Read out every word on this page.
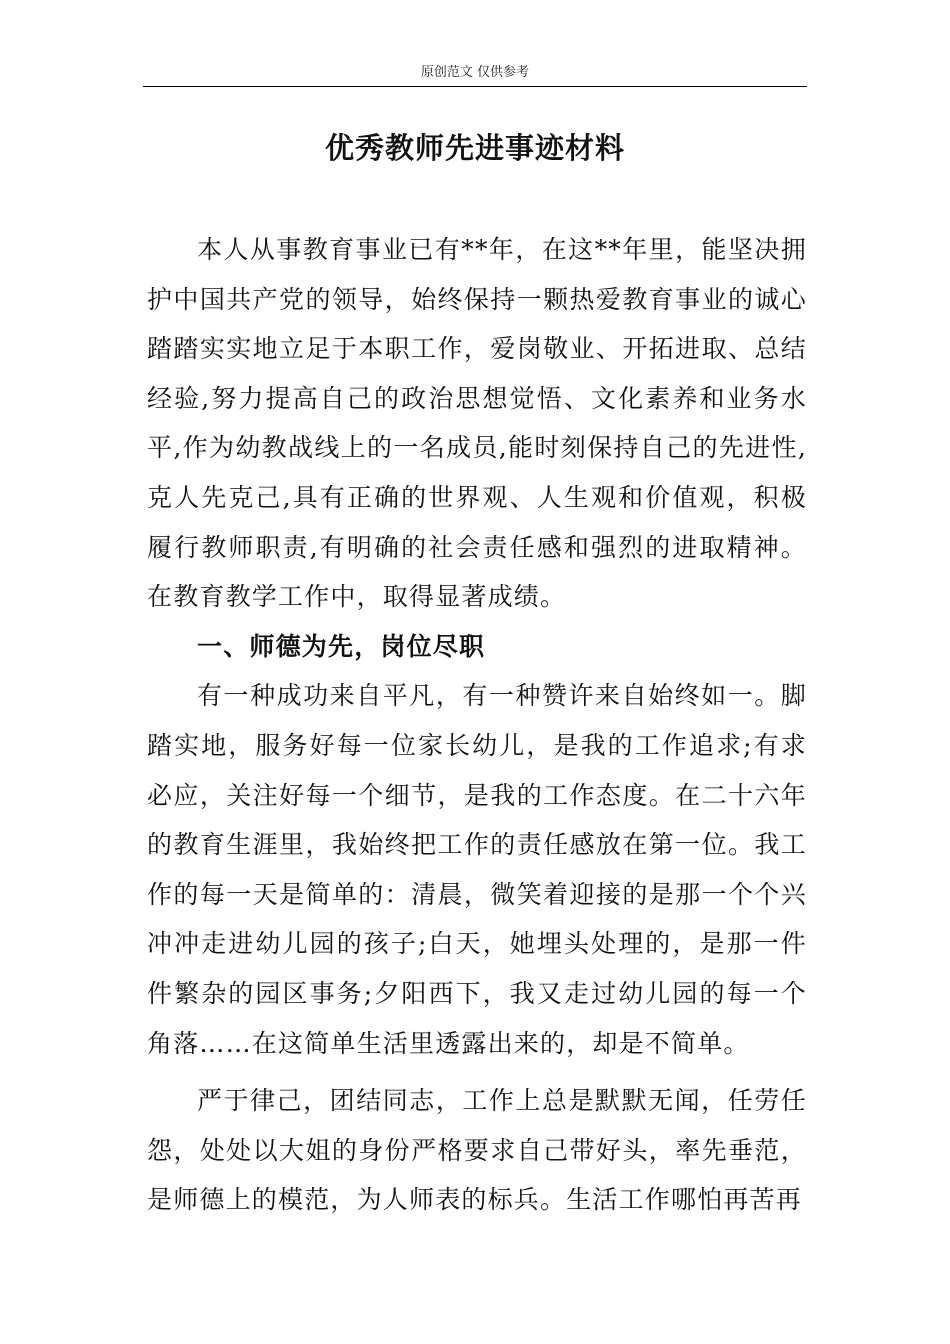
原创范文 仅供参考
优秀教师先进事迹材料

本人从事教育事业已有**年，在这**年里，能坚决拥护中国共产党的领导，始终保持一颗热爱教育事业的诚心踏踏实实地立足于本职工作，爱岗敬业、开拓进取、总结经验,努力提高自己的政治思想觉悟、文化素养和业务水平,作为幼教战线上的一名成员,能时刻保持自己的先进性,克人先克己,具有正确的世界观、人生观和价值观，积极履行教师职责,有明确的社会责任感和强烈的进取精神。在教育教学工作中，取得显著成绩。

一、师德为先，岗位尽职

有一种成功来自平凡，有一种赞许来自始终如一。脚踏实地，服务好每一位家长幼儿，是我的工作追求;有求必应，关注好每一个细节，是我的工作态度。在二十六年的教育生涯里，我始终把工作的责任感放在第一位。我工作的每一天是简单的：清晨，微笑着迎接的是那一个个兴冲冲走进幼儿园的孩子;白天，她埋头处理的，是那一件件繁杂的园区事务;夕阳西下，我又走过幼儿园的每一个角落……在这简单生活里透露出来的，却是不简单。

严于律己，团结同志，工作上总是默默无闻，任劳任怨，处处以大姐的身份严格要求自己带好头，率先垂范，是师德上的模范，为人师表的标兵。生活工作哪怕再苦再
